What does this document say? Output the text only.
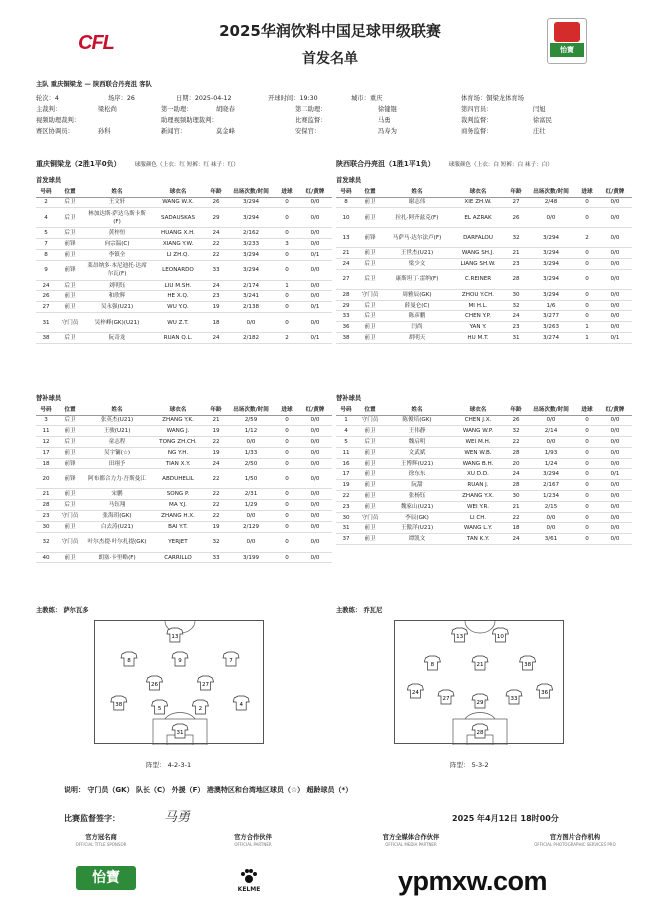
CFL
2025华润饮料中国足球甲级联赛
首发名单
怡寶
主队 重庆铜梁龙 — 陕西联合丹亮沮 客队
轮次：4	场序：26	日期：2025-04-12	开球时间：19:30	城市：重庆	体育场：铜梁龙体育场
主裁判：	梁松尚	第一助理：	胡晓春	第二助理：	徐键锟	第四官员：	闫旭
视频助理裁判：	助理视频助理裁判：	比赛监督：	马勇	裁判监督：	徐富民
赛区协调员：	孙科	新闻官：	莫金峰	安保官：	冯寿为	商务监督：	庄壮
重庆铜梁龙（2胜1平0负）	球服颜色（上衣：红 短裤：红 袜子：红）	陕西联合丹亮沮（1胜1平1负）	球服颜色（上衣：白 短裤：白 袜子：白）
首发球员	首发球员
替补球员	替补球员
号码	位置	姓名	球衣名	年龄	出场次数/时间	进球	红/黄牌
2	后卫	王文轩	WANG W.X.	26	3/294	0	0/0
4	后卫	林加达斯·萨达乌斯卡斯(F)	SADAUSKAS	29	3/294	0	0/0
5	后卫	黄梓恒	HUANG X.H.	24	2/162	0	0/0
7	前锋	向宗温(C)	XIANG Y.W.	22	3/233	3	0/0
8	前卫	李镇全	LI ZH.Q.	22	3/294	0	0/1
9	前锋	莱昂纳多·本尼迪托·达席尔瓦(F)	LEONARDO	33	3/294	0	0/0
24	后卫	刘明钰	LIU M.SH.	24	2/174	1	0/0
26	前卫	和欣辉	HE X.Q.	23	3/241	0	0/0
27	前卫	吴永强(U21)	WU Y.Q.	19	2/138	0	0/1
31	守门员	吴梓峰(GK)(U21)	WU Z.T.	18	0/0	0	0/0
38	后卫	阮奇龙	RUAN Q.L.	24	2/182	2	0/1
号码	位置	姓名	球衣名	年龄	出场次数/时间	进球	红/黄牌
8	前卫	谢志伟	XIE ZH.W.	27	2/48	0	0/0
10	前卫	拉扎·阿齐兹克(F)	EL AZRAK	26	0/0	0	0/0
13	前锋	马萨马·达尔法卢(F)	DARFALOU	32	3/294	2	0/0
21	前卫	王世杰(U21)	WANG SH.J.	21	3/294	0	0/0
24	后卫	梁少文	LIANG SH.W.	23	3/294	0	0/0
27	后卫	康斯坦丁·雷纳(F)	C.REINER	28	3/294	0	0/0
28	守门员	周雅辰(GK)	ZHOU Y.CH.	30	3/294	0	0/0
29	后卫	薛曼仑(C)	MI H.L.	32	1/6	0	0/0
33	后卫	陈彦鹏	CHEN Y.P.	24	3/277	0	0/0
36	前卫	闫尚	YAN Y.	23	3/263	1	0/0
38	前卫	胡明天	HU M.T.	31	3/274	1	0/1
号码	位置	姓名	球衣名	年龄	出场次数/时间	进球	红/黄牌
3	后卫	张英杰(U21)	ZHANG Y.K.	21	2/59	0	0/0
11	前卫	王骏(U21)	WANG J.	19	1/12	0	0/0
12	后卫	童志程	TONG ZH.CH.	22	0/0	0	0/0
17	前卫	吴宇镛(☆)	NG Y.H.	19	1/33	0	0/0
18	前锋	田翊予	TIAN X.Y.	24	2/50	0	0/0
20	前锋	阿布都合力力·吾斯曼江	ABDUHELIL	22	1/50	0	0/0
21	前卫	宋鹏	SONG P.	22	2/31	0	0/0
28	后卫	马钰翔	MA Y.J.	22	1/29	0	0/0
23	守门员	张海玥(GK)	ZHANG H.X.	22	0/0	0	0/0
30	前卫	白去涛(U21)	BAI Y.T.	19	2/129	0	0/0
32	守门员	叶尔杰提·叶尔扎提(GK)	YERJET	32	0/0	0	0/0
40	前卫	朗塞·卡里略(F)	CARRILLO	33	3/199	0	0/0
号码	位置	姓名	球衣名	年龄	出场次数/时间	进球	红/黄牌
1	守门员	陈俊培(GK)	CHEN J.X.	26	0/0	0	0/0
4	前卫	王伟静	WANG W.P.	32	2/14	0	0/0
5	后卫	魏启明	WEI M.H.	22	0/0	0	0/0
11	前卫	文武斌	WEN W.B.	28	1/93	0	0/0
16	前卫	王博辉(U21)	WANG B.H.	20	1/24	0	0/0
17	前卫	徐东东	XU D.D.	24	3/294	0	0/1
19	前卫	阮甜	RUAN J.	28	2/167	0	0/0
22	前卫	张杨钰	ZHANG Y.X.	30	1/234	0	0/0
23	前卫	魏家山(U21)	WEI Y.R.	21	2/15	0	0/0
30	守门员	李辰(GK)	LI CH.	22	0/0	0	0/0
31	前卫	王傲洋(U21)	WANG L.Y.	18	0/0	0	0/0
37	前卫	谭凯文	TAN K.Y.	24	3/61	0	0/0
主教练： 萨尔瓦多	主教练： 乔瓦尼
13
8	9	7
26	27
38
5	2
4
31
13	10
8	21	38
24
27
29
33
36
28
阵型： 4-2-3-1	阵型： 5-3-2
说明： 守门员（GK） 队长（C） 外援（F） 港澳特区和台湾地区球员（☆） 超龄球员（*）
比赛监督签字：	马勇	2025 年4月12日 18时00分
官方冠名商
OFFICIAL TITLE SPONSOR
官方合作伙伴
OFFICIAL PARTNER
官方全媒体合作伙伴
OFFICIAL MEDIA PARTNER
官方图片合作机构
OFFICIAL PHOTOGRAPHIC SERVICES PRO
怡寶
KELME	ypmxw.com
